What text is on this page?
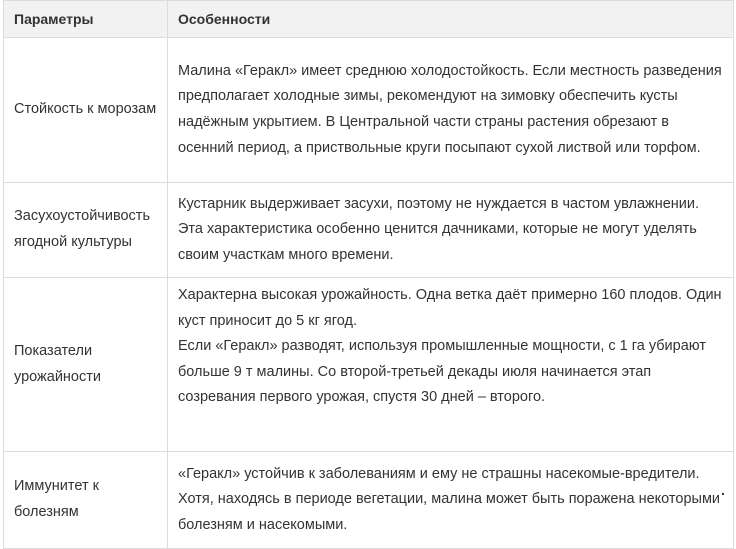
Параметры	Особенности
Стойкость к морозам	Малина «Геракл» имеет среднюю холодостойкость. Если местность разведения предполагает холодные зимы, рекомендуют на зимовку обеспечить кусты надёжным укрытием. В Центральной части страны растения обрезают в осенний период, а приствольные круги посыпают сухой листвой или торфом.

Засухоустойчивость ягодной культуры	Кустарник выдерживает засухи, поэтому не нуждается в частом увлажнении. Эта характеристика особенно ценится дачниками, которые не могут уделять своим участкам много времени.

Показатели урожайности	Характерна высокая урожайность. Одна ветка даёт примерно 160 плодов. Один куст приносит до 5 кг ягод.

Если «Геракл» разводят, используя промышленные мощности, с 1 га убирают больше 9 т малины. Со второй-третьей декады июля начинается этап созревания первого урожая, спустя 30 дней – второго.

Иммунитет к болезням	«Геракл» устойчив к заболеваниям и ему не страшны насекомые-вредители. Хотя, находясь в периоде вегетации, малина может быть поражена некоторыми болезням и насекомыми.
